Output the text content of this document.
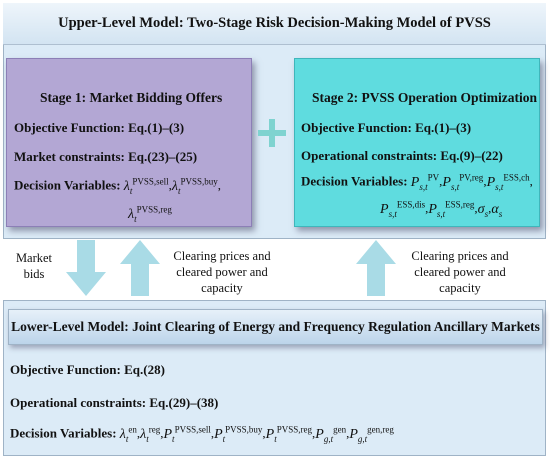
Upper-Level Model: Two-Stage Risk Decision-Making Model of PVSS
Stage 1: Market Bidding Offers
Objective Function: Eq.(1)–(3)
Market constraints: Eq.(23)–(25)
Decision Variables: $\lambda_t^{PVSS,sell},\lambda_t^{PVSS,buy}$,
$\lambda_t^{PVSS,reg}$
Stage 2: PVSS Operation Optimization
Objective Function: Eq.(1)–(3)
Operational constraints: Eq.(9)–(22)
Decision Variables: $P_{s,t}^{PV},P_{s,t}^{PV,reg},P_{s,t}^{ESS,ch}$,
$P_{s,t}^{ESS,dis},P_{s,t}^{ESS,reg},\sigma_s,\alpha_s$
Market bids
Clearing prices and cleared power and capacity
Clearing prices and cleared power and capacity
Lower-Level Model: Joint Clearing of Energy and Frequency Regulation Ancillary Markets
Objective Function: Eq.(28)
Operational constraints: Eq.(29)–(38)
Decision Variables: $\lambda_t^{en},\lambda_t^{reg},P_t^{PVSS,sell},P_t^{PVSS,buy},P_t^{PVSS,reg},P_{g,t}^{gen},P_{g,t}^{gen,reg}$
